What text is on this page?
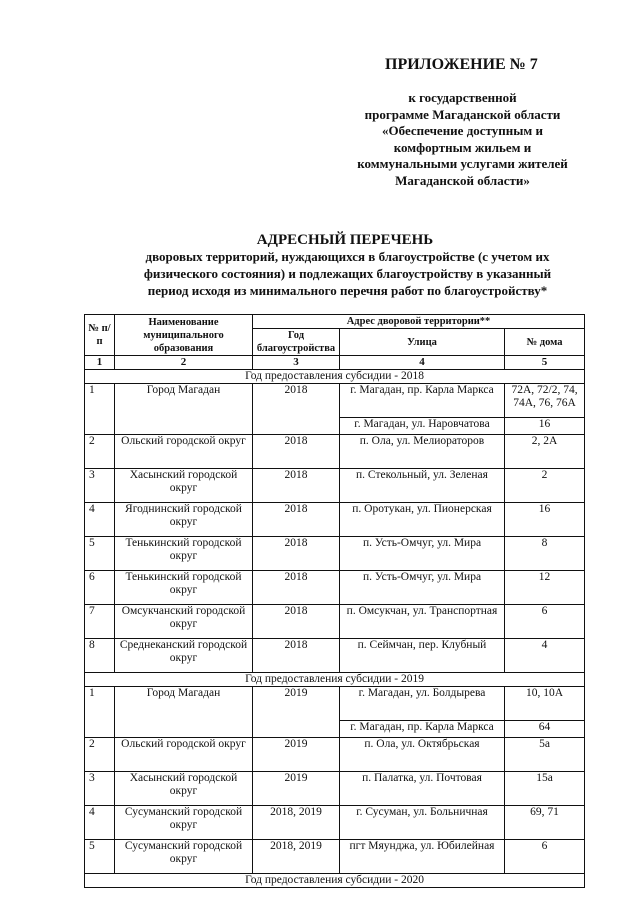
ПРИЛОЖЕНИЕ № 7
к государственной
программе Магаданской области
«Обеспечение доступным и
комфортным жильем и
коммунальными услугами жителей
Магаданской области»
АДРЕСНЫЙ ПЕРЕЧЕНЬ
дворовых территорий, нуждающихся в благоустройстве (с учетом их
физического состояния) и подлежащих благоустройству в указанный
период исходя из минимального перечня работ по благоустройству*
№ п/п	Наименование муниципального образования	Адрес дворовой территории**		
		Год благоустройства	Улица	№ дома
1	2	3	4	5
Год предоставления субсидии - 2018				
1	Город Магадан	2018	г. Магадан, пр. Карла Маркса	72А, 72/2, 74, 74А, 76, 76А
			г. Магадан, ул. Наровчатова	16
2	Ольский городской округ	2018	п. Ола, ул. Мелиораторов	2, 2А
3	Хасынский городской округ	2018	п. Стекольный, ул. Зеленая	2
4	Ягоднинский городской округ	2018	п. Оротукан, ул. Пионерская	16
5	Тенькинский городской округ	2018	п. Усть-Омчуг, ул. Мира	8
6	Тенькинский городской округ	2018	п. Усть-Омчуг, ул. Мира	12
7	Омсукчанский городской округ	2018	п. Омсукчан, ул. Транспортная	6
8	Среднеканский городской округ	2018	п. Сеймчан, пер. Клубный	4
Год предоставления субсидии - 2019				
1	Город Магадан	2019	г. Магадан, ул. Болдырева	10, 10А
			г. Магадан, пр. Карла Маркса	64
2	Ольский городской округ	2019	п. Ола, ул. Октябрьская	5а
3	Хасынский городской округ	2019	п. Палатка, ул. Почтовая	15а
4	Сусуманский городской округ	2018, 2019	г. Сусуман, ул. Больничная	69, 71
5	Сусуманский городской округ	2018, 2019	пгт Мяунджа, ул. Юбилейная	6
Год предоставления субсидии - 2020				
